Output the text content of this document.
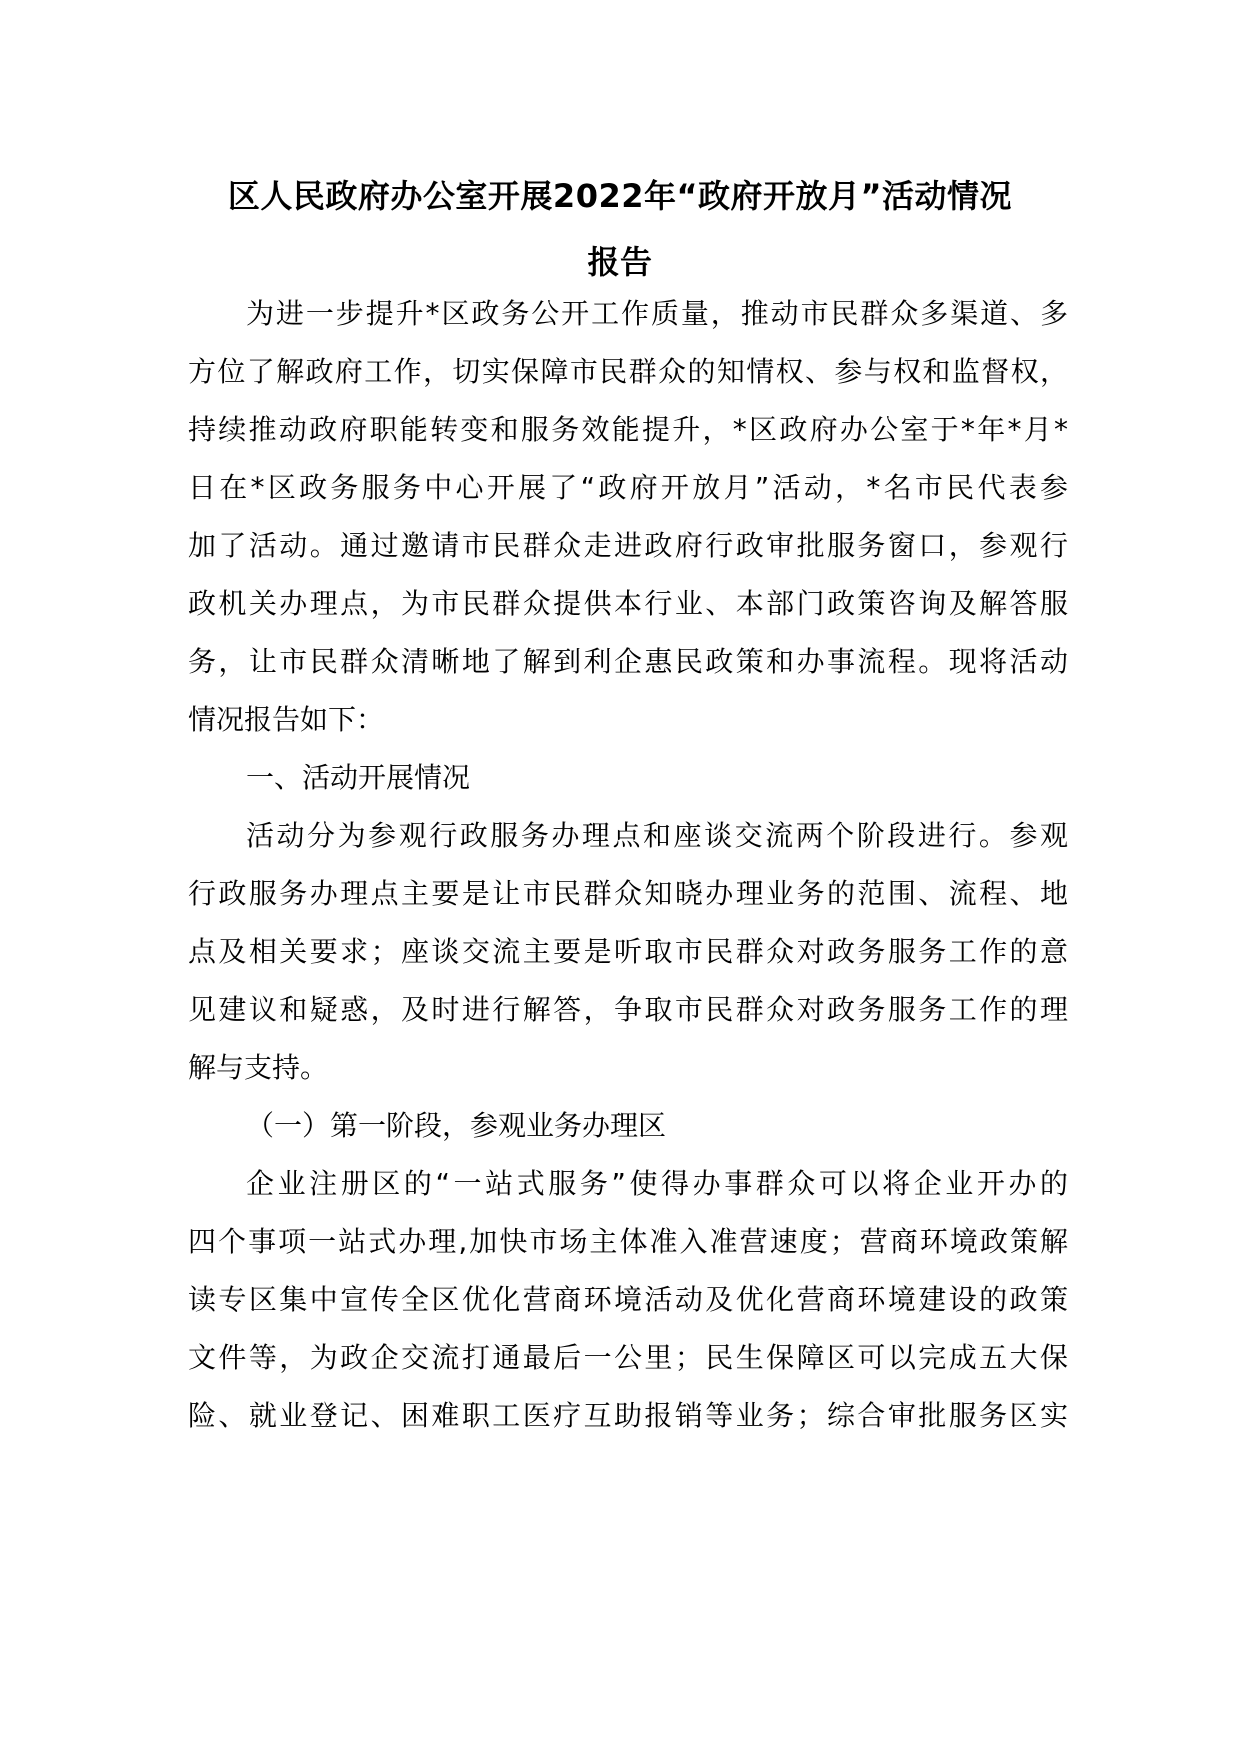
区人民政府办公室开展2022年“政府开放月”活动情况
报告
为进一步提升*区政务公开工作质量，推动市民群众多渠道、多
方位了解政府工作，切实保障市民群众的知情权、参与权和监督权，
持续推动政府职能转变和服务效能提升，*区政府办公室于*年*月*
日在*区政务服务中心开展了“政府开放月”活动，*名市民代表参
加了活动。通过邀请市民群众走进政府行政审批服务窗口，参观行
政机关办理点，为市民群众提供本行业、本部门政策咨询及解答服
务，让市民群众清晰地了解到利企惠民政策和办事流程。现将活动
情况报告如下：
一、活动开展情况
活动分为参观行政服务办理点和座谈交流两个阶段进行。参观
行政服务办理点主要是让市民群众知晓办理业务的范围、流程、地
点及相关要求；座谈交流主要是听取市民群众对政务服务工作的意
见建议和疑惑，及时进行解答，争取市民群众对政务服务工作的理
解与支持。
（一）第一阶段，参观业务办理区
企业注册区的“一站式服务”使得办事群众可以将企业开办的
四个事项一站式办理,加快市场主体准入准营速度；营商环境政策解
读专区集中宣传全区优化营商环境活动及优化营商环境建设的政策
文件等，为政企交流打通最后一公里；民生保障区可以完成五大保
险、就业登记、困难职工医疗互助报销等业务；综合审批服务区实
